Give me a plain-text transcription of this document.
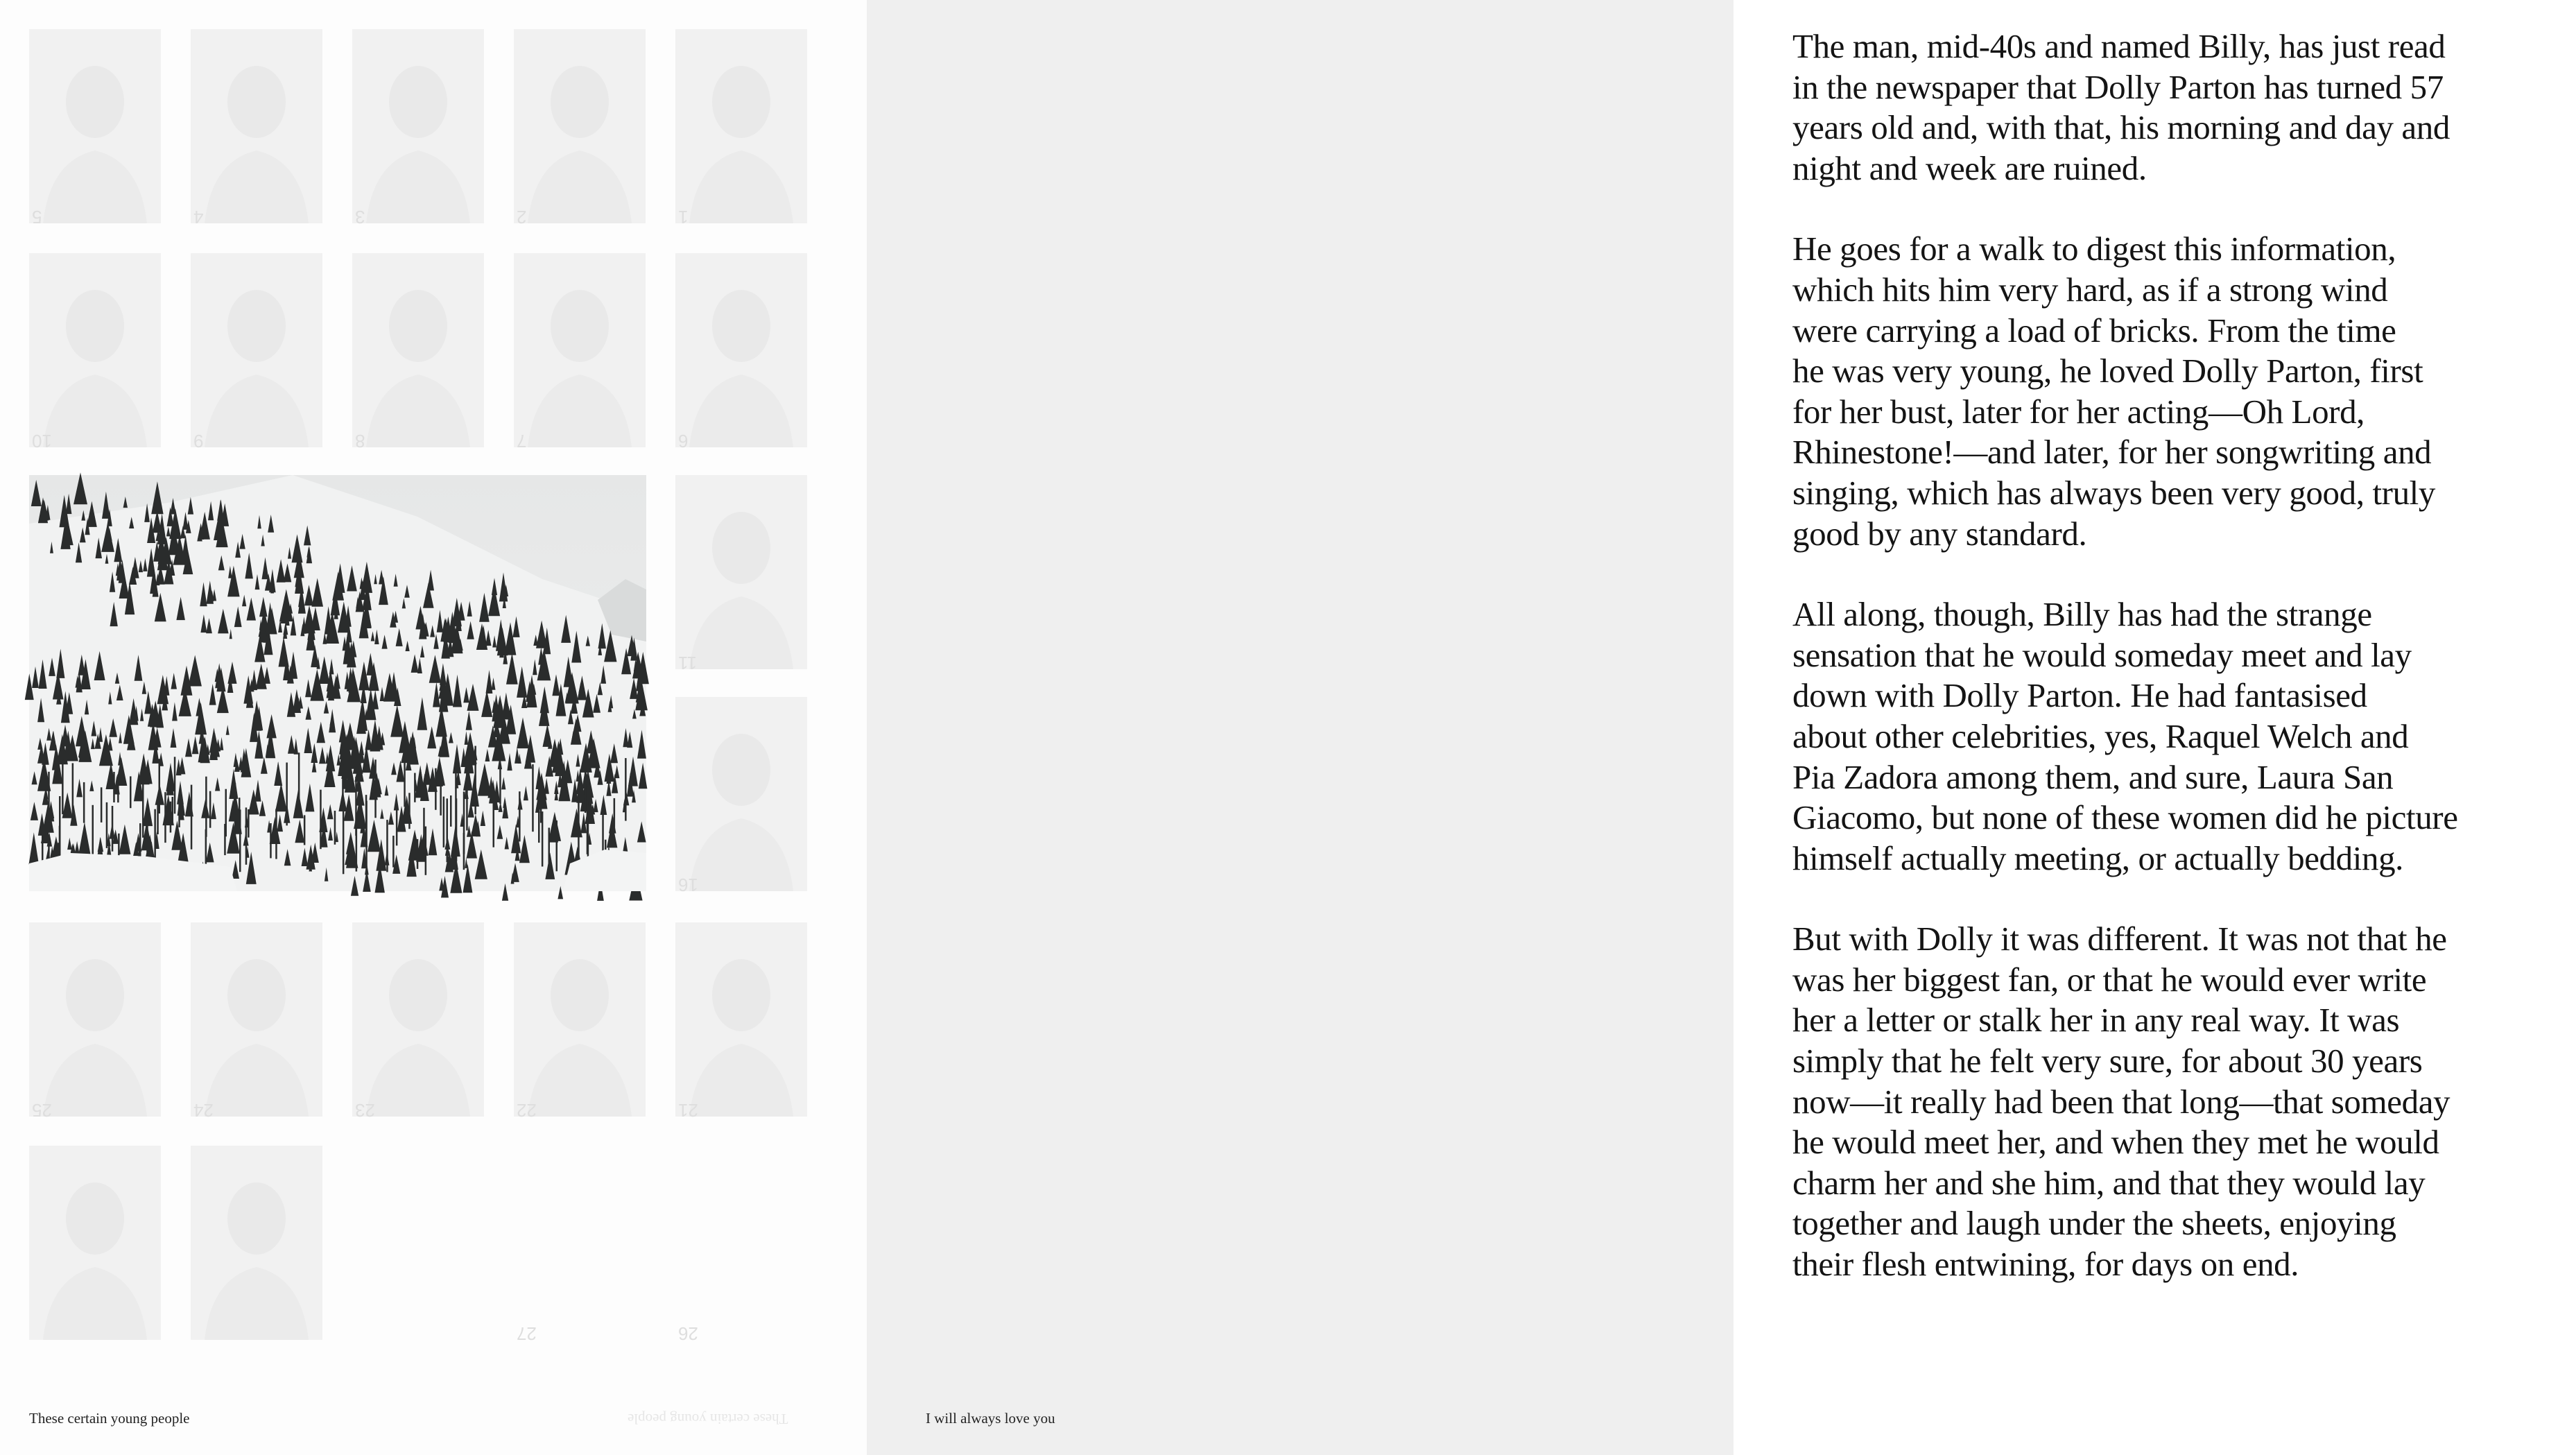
5	4	3	2	1
10	9	8	7	6
11
16
25	24	23	22	21
27	26
These certain young people	These certain young people

The man, mid-40s and named Billy, has just read
in the newspaper that Dolly Parton has turned 57
years old and, with that, his morning and day and
night and week are ruined.

He goes for a walk to digest this information,
which hits him very hard, as if a strong wind
were carrying a load of bricks. From the time
he was very young, he loved Dolly Parton, first
for her bust, later for her acting—Oh Lord,
Rhinestone!—and later, for her songwriting and
singing, which has always been very good, truly
good by any standard.

All along, though, Billy has had the strange
sensation that he would someday meet and lay
down with Dolly Parton. He had fantasised
about other celebrities, yes, Raquel Welch and
Pia Zadora among them, and sure, Laura San
Giacomo, but none of these women did he picture
himself actually meeting, or actually bedding.

But with Dolly it was different. It was not that he
was her biggest fan, or that he would ever write
her a letter or stalk her in any real way. It was
simply that he felt very sure, for about 30 years
now—it really had been that long—that someday
he would meet her, and when they met he would
charm her and she him, and that they would lay
together and laugh under the sheets, enjoying
their flesh entwining, for days on end.

I will always love you
